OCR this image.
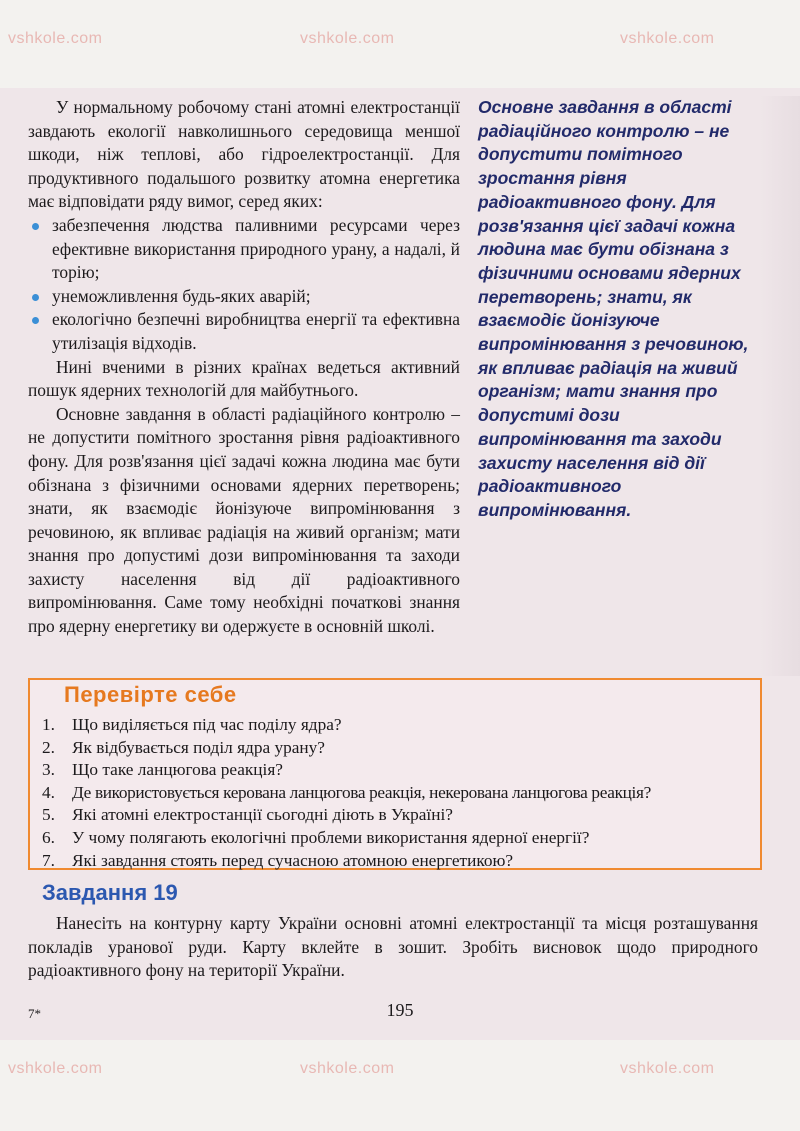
vshkole.com	vshkole.com	vshkole.com
vshkole.com	vshkole.com	vshkole.com

У нормальному робочому стані атомні електростанції завдають екології навколишнього середовища меншої шкоди, ніж теплові, або гідроелектростанції. Для продуктивного подальшого розвитку атомна енергетика має відповідати ряду вимог, серед яких:

забезпечення людства паливними ресурсами через ефективне використання природного урану, а надалі, й торію;
унеможливлення будь-яких аварій;
екологічно безпечні виробництва енергії та ефективна утилізація відходів.

Нині вченими в різних країнах ведеться активний пошук ядерних технологій для майбутнього.

Основне завдання в області радіаційного контролю – не допустити помітного зростання рівня радіоактивного фону. Для розв'язання цієї задачі кожна людина має бути обізнана з фізичними основами ядерних перетворень; знати, як взаємодіє йонізуюче випромінювання з речовиною, як впливає радіація на живий організм; мати знання про допустимі дози випромінювання та заходи захисту населення від дії радіоактивного випромінювання. Саме тому необхідні початкові знання про ядерну енергетику ви одержуєте в основній школі.

Основне завдання в області радіаційного контролю – не допустити помітного зростання рівня радіоактивного фону. Для розв'язання цієї задачі кожна людина має бути обізнана з фізичними основами ядерних перетворень; знати, як взаємодіє йонізуюче випромінювання з речовиною, як впливає радіація на живий організм; мати знання про допустимі дози випромінювання та заходи захисту населення від дії радіоактивного випромінювання.
Перевірте себе
1. Що виділяється під час поділу ядра?
2. Як відбувається поділ ядра урану?
3. Що таке ланцюгова реакція?
4. Де використовується керована ланцюгова реакція, некерована ланцюгова реакція?
5. Які атомні електростанції сьогодні діють в Україні?
6. У чому полягають екологічні проблеми використання ядерної енергії?
7. Які завдання стоять перед сучасною атомною енергетикою?
Завдання 19

Нанесіть на контурну карту України основні атомні електростанції та місця розташування покладів уранової руди. Карту вклейте в зошит. Зробіть висновок щодо природного радіоактивного фону на території України.

7*	195
